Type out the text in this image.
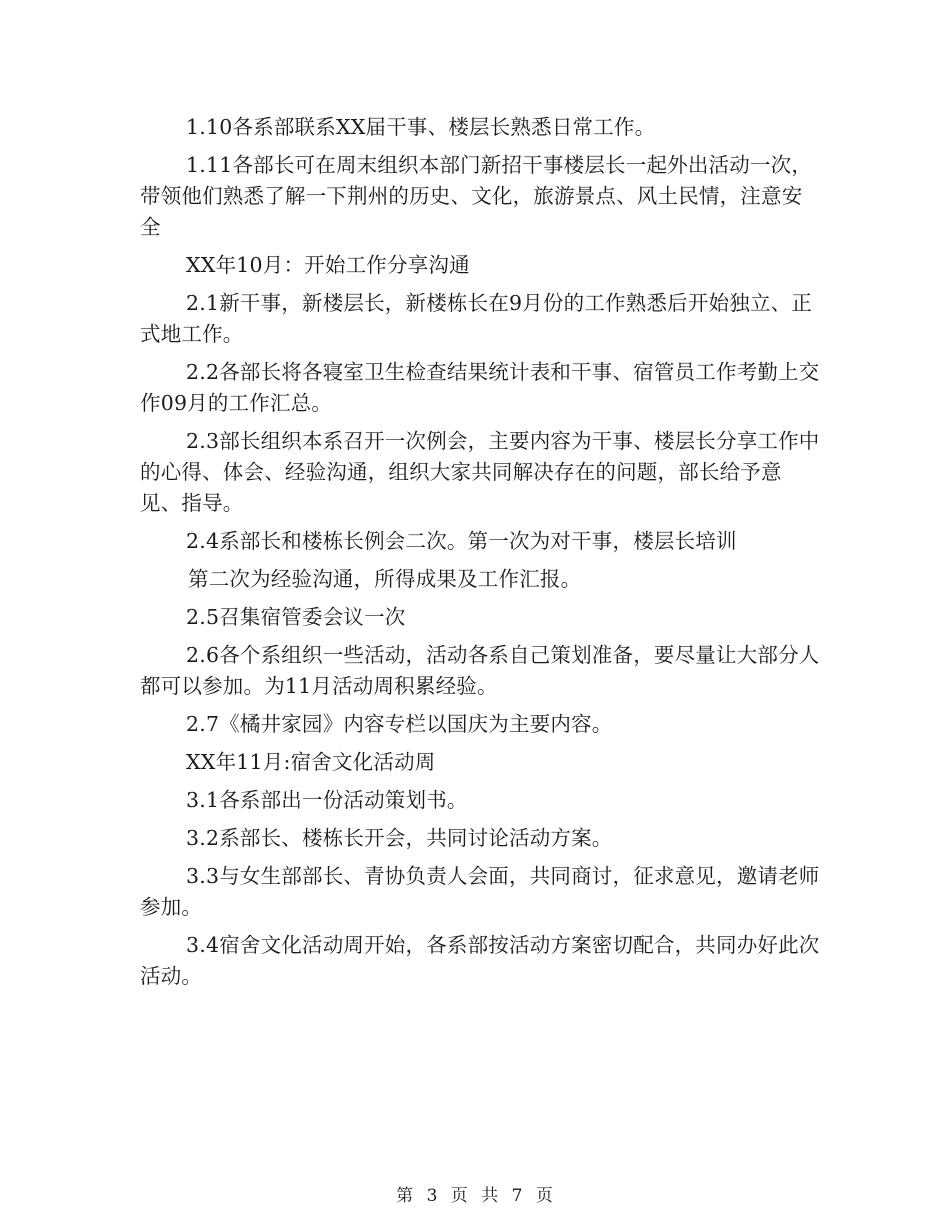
1.10各系部联系XX届干事、楼层长熟悉日常工作。

1.11各部长可在周末组织本部门新招干事楼层长一起外出活动一次，带领他们熟悉了解一下荆州的历史、文化，旅游景点、风土民情，注意安全

XX年10月：开始工作分享沟通

2.1新干事，新楼层长，新楼栋长在9月份的工作熟悉后开始独立、正式地工作。

2.2各部长将各寝室卫生检查结果统计表和干事、宿管员工作考勤上交作09月的工作汇总。

2.3部长组织本系召开一次例会，主要内容为干事、楼层长分享工作中的心得、体会、经验沟通，组织大家共同解决存在的问题，部长给予意见、指导。

2.4系部长和楼栋长例会二次。第一次为对干事，楼层长培训

第二次为经验沟通，所得成果及工作汇报。

2.5召集宿管委会议一次

2.6各个系组织一些活动，活动各系自己策划准备，要尽量让大部分人都可以参加。为11月活动周积累经验。

2.7《橘井家园》内容专栏以国庆为主要内容。

XX年11月:宿舍文化活动周

3.1各系部出一份活动策划书。

3.2系部长、楼栋长开会，共同讨论活动方案。

3.3与女生部部长、青协负责人会面，共同商讨，征求意见，邀请老师参加。

3.4宿舍文化活动周开始，各系部按活动方案密切配合，共同办好此次活动。

第 3 页 共 7 页
